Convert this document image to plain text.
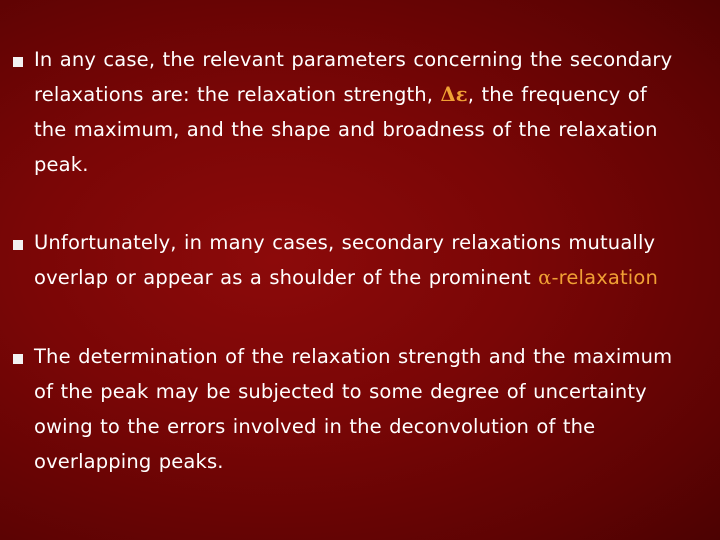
In any case, the relevant parameters concerning the secondary
relaxations are: the relaxation strength, Δε, the frequency of
the maximum, and the shape and broadness of the relaxation
peak.
Unfortunately, in many cases, secondary relaxations mutually
overlap or appear as a shoulder of the prominent α-relaxation
The determination of the relaxation strength and the maximum
of the peak may be subjected to some degree of uncertainty
owing to the errors involved in the deconvolution of the
overlapping peaks.
